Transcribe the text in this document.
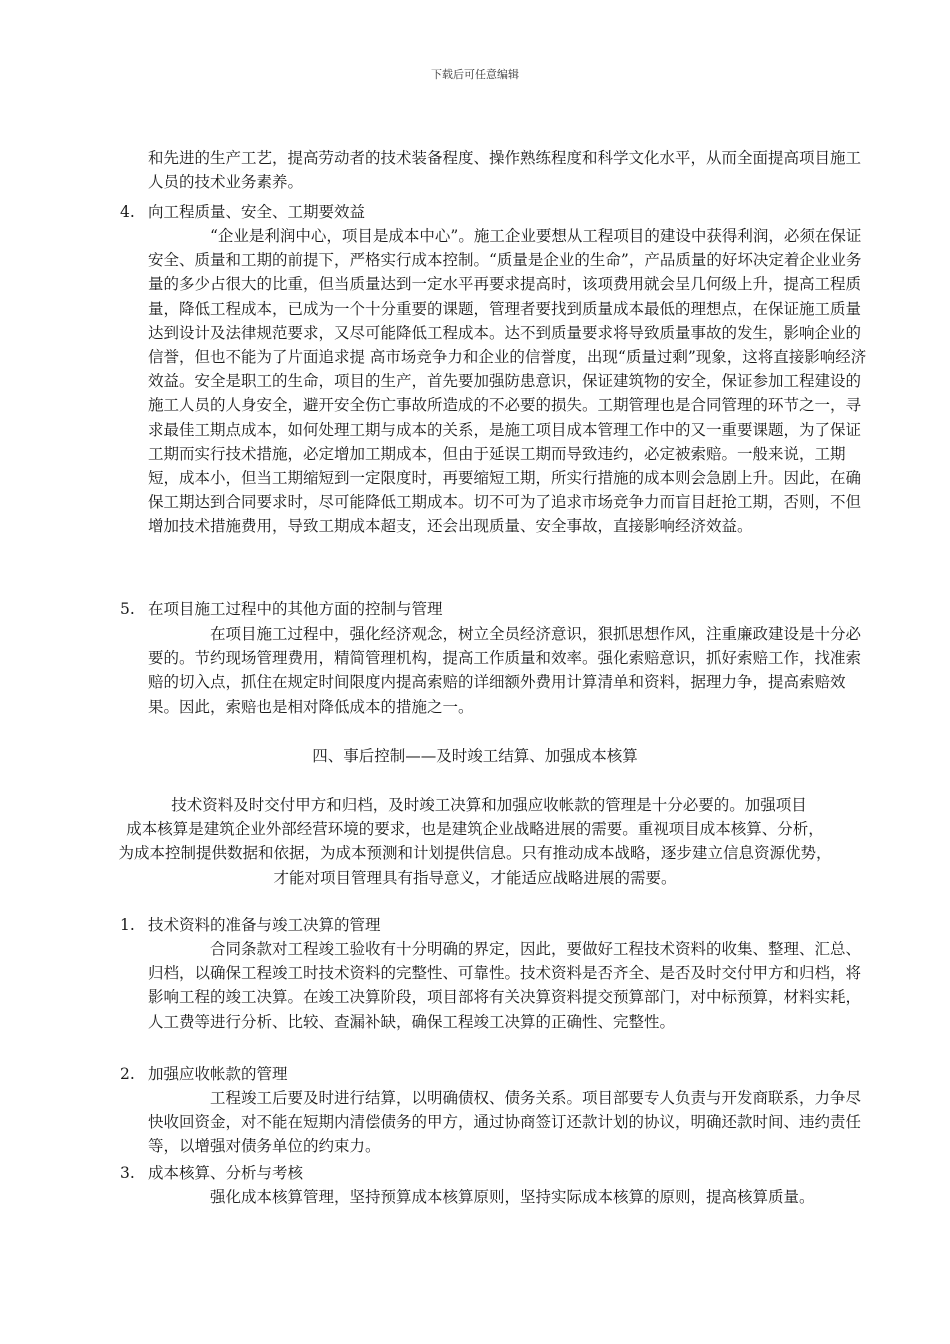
下载后可任意编辑

和先进的生产工艺，提高劳动者的技术装备程度、操作熟练程度和科学文化水平，从而全面提高项目施工人员的技术业务素养。

4. 向工程质量、安全、工期要效益

“企业是利润中心，项目是成本中心”。施工企业要想从工程项目的建设中获得利润，必须在保证安全、质量和工期的前提下，严格实行成本控制。“质量是企业的生命”，产品质量的好坏决定着企业业务量的多少占很大的比重，但当质量达到一定水平再要求提高时，该项费用就会呈几何级上升，提高工程质量，降低工程成本，已成为一个十分重要的课题，管理者要找到质量成本最低的理想点，在保证施工质量达到设计及法律规范要求，又尽可能降低工程成本。达不到质量要求将导致质量事故的发生，影响企业的信誉，但也不能为了片面追求提 高市场竞争力和企业的信誉度，出现“质量过剩”现象，这将直接影响经济效益。安全是职工的生命，项目的生产，首先要加强防患意识，保证建筑物的安全，保证参加工程建设的施工人员的人身安全，避开安全伤亡事故所造成的不必要的损失。工期管理也是合同管理的环节之一，寻求最佳工期点成本，如何处理工期与成本的关系，是施工项目成本管理工作中的又一重要课题，为了保证工期而实行技术措施，必定增加工期成本，但由于延误工期而导致违约，必定被索赔。一般来说，工期短，成本小，但当工期缩短到一定限度时，再要缩短工期，所实行措施的成本则会急剧上升。因此，在确保工期达到合同要求时，尽可能降低工期成本。切不可为了追求市场竞争力而盲目赶抢工期，否则，不但增加技术措施费用，导致工期成本超支，还会出现质量、安全事故，直接影响经济效益。

5. 在项目施工过程中的其他方面的控制与管理

在项目施工过程中，强化经济观念，树立全员经济意识，狠抓思想作风，注重廉政建设是十分必要的。节约现场管理费用，精简管理机构，提高工作质量和效率。强化索赔意识，抓好索赔工作，找准索赔的切入点，抓住在规定时间限度内提高索赔的详细额外费用计算清单和资料，据理力争，提高索赔效果。因此，索赔也是相对降低成本的措施之一。

四、事后控制——及时竣工结算、加强成本核算
技术资料及时交付甲方和归档，及时竣工决算和加强应收帐款的管理是十分必要的。加强项目
成本核算是建筑企业外部经营环境的要求，也是建筑企业战略进展的需要。重视项目成本核算、分析，
为成本控制提供数据和依据，为成本预测和计划提供信息。只有推动成本战略，逐步建立信息资源优势，
才能对项目管理具有指导意义，才能适应战略进展的需要。
1. 技术资料的准备与竣工决算的管理

合同条款对工程竣工验收有十分明确的界定，因此，要做好工程技术资料的收集、整理、汇总、归档，以确保工程竣工时技术资料的完整性、可靠性。技术资料是否齐全、是否及时交付甲方和归档，将影响工程的竣工决算。在竣工决算阶段，项目部将有关决算资料提交预算部门，对中标预算，材料实耗，人工费等进行分析、比较、查漏补缺，确保工程竣工决算的正确性、完整性。

2. 加强应收帐款的管理

工程竣工后要及时进行结算，以明确债权、债务关系。项目部要专人负责与开发商联系，力争尽快收回资金，对不能在短期内清偿债务的甲方，通过协商签订还款计划的协议，明确还款时间、违约责任等，以增强对债务单位的约束力。

3. 成本核算、分析与考核

强化成本核算管理，坚持预算成本核算原则，坚持实际成本核算的原则，提高核算质量。
